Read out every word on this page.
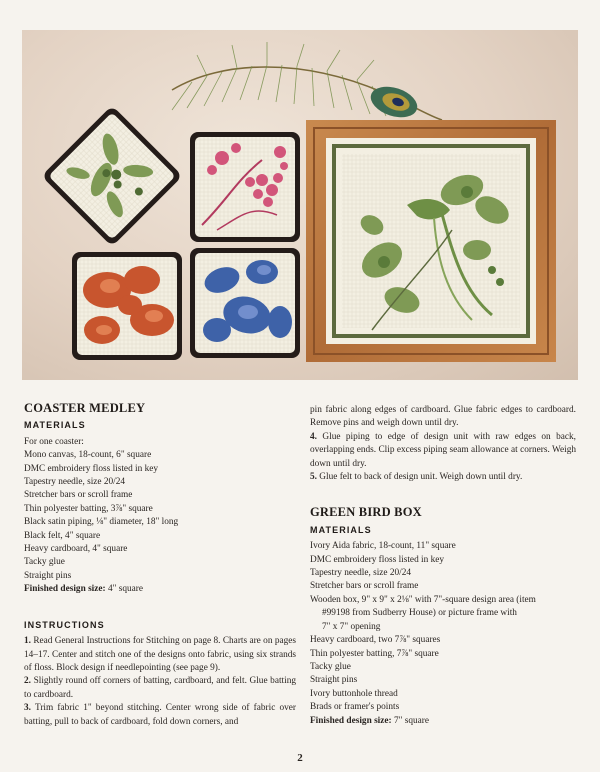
COASTER MEDLEY
MATERIALS

For one coaster:

Mono canvas, 18-count, 6" square

DMC embroidery floss listed in key

Tapestry needle, size 20/24

Stretcher bars or scroll frame

Thin polyester batting, 3⅞" square

Black satin piping, ⅛" diameter, 18" long

Black felt, 4" square

Heavy cardboard, 4" square

Tacky glue

Straight pins

Finished design size: 4" square

INSTRUCTIONS

1. Read General Instructions for Stitching on page 8. Charts are on pages 14–17. Center and stitch one of the designs onto fabric, using six strands of floss. Block design if needlepointing (see page 9).

2. Slightly round off corners of batting, cardboard, and felt. Glue batting to cardboard.

3. Trim fabric 1" beyond stitching. Center wrong side of fabric over batting, pull to back of cardboard, fold down corners, and

pin fabric along edges of cardboard. Glue fabric edges to cardboard. Remove pins and weigh down until dry.

4. Glue piping to edge of design unit with raw edges on back, overlapping ends. Clip excess piping seam allowance at corners. Weigh down until dry.

5. Glue felt to back of design unit. Weigh down until dry.

GREEN BIRD BOX
MATERIALS

Ivory Aida fabric, 18-count, 11" square

DMC embroidery floss listed in key

Tapestry needle, size 20/24

Stretcher bars or scroll frame

Wooden box, 9" x 9" x 2⅛" with 7"-square design area (item

#99198 from Sudberry House) or picture frame with

7" x 7" opening

Heavy cardboard, two 7⅞" squares

Thin polyester batting, 7⅞" square

Tacky glue

Straight pins

Ivory buttonhole thread

Brads or framer's points

Finished design size: 7" square

2
